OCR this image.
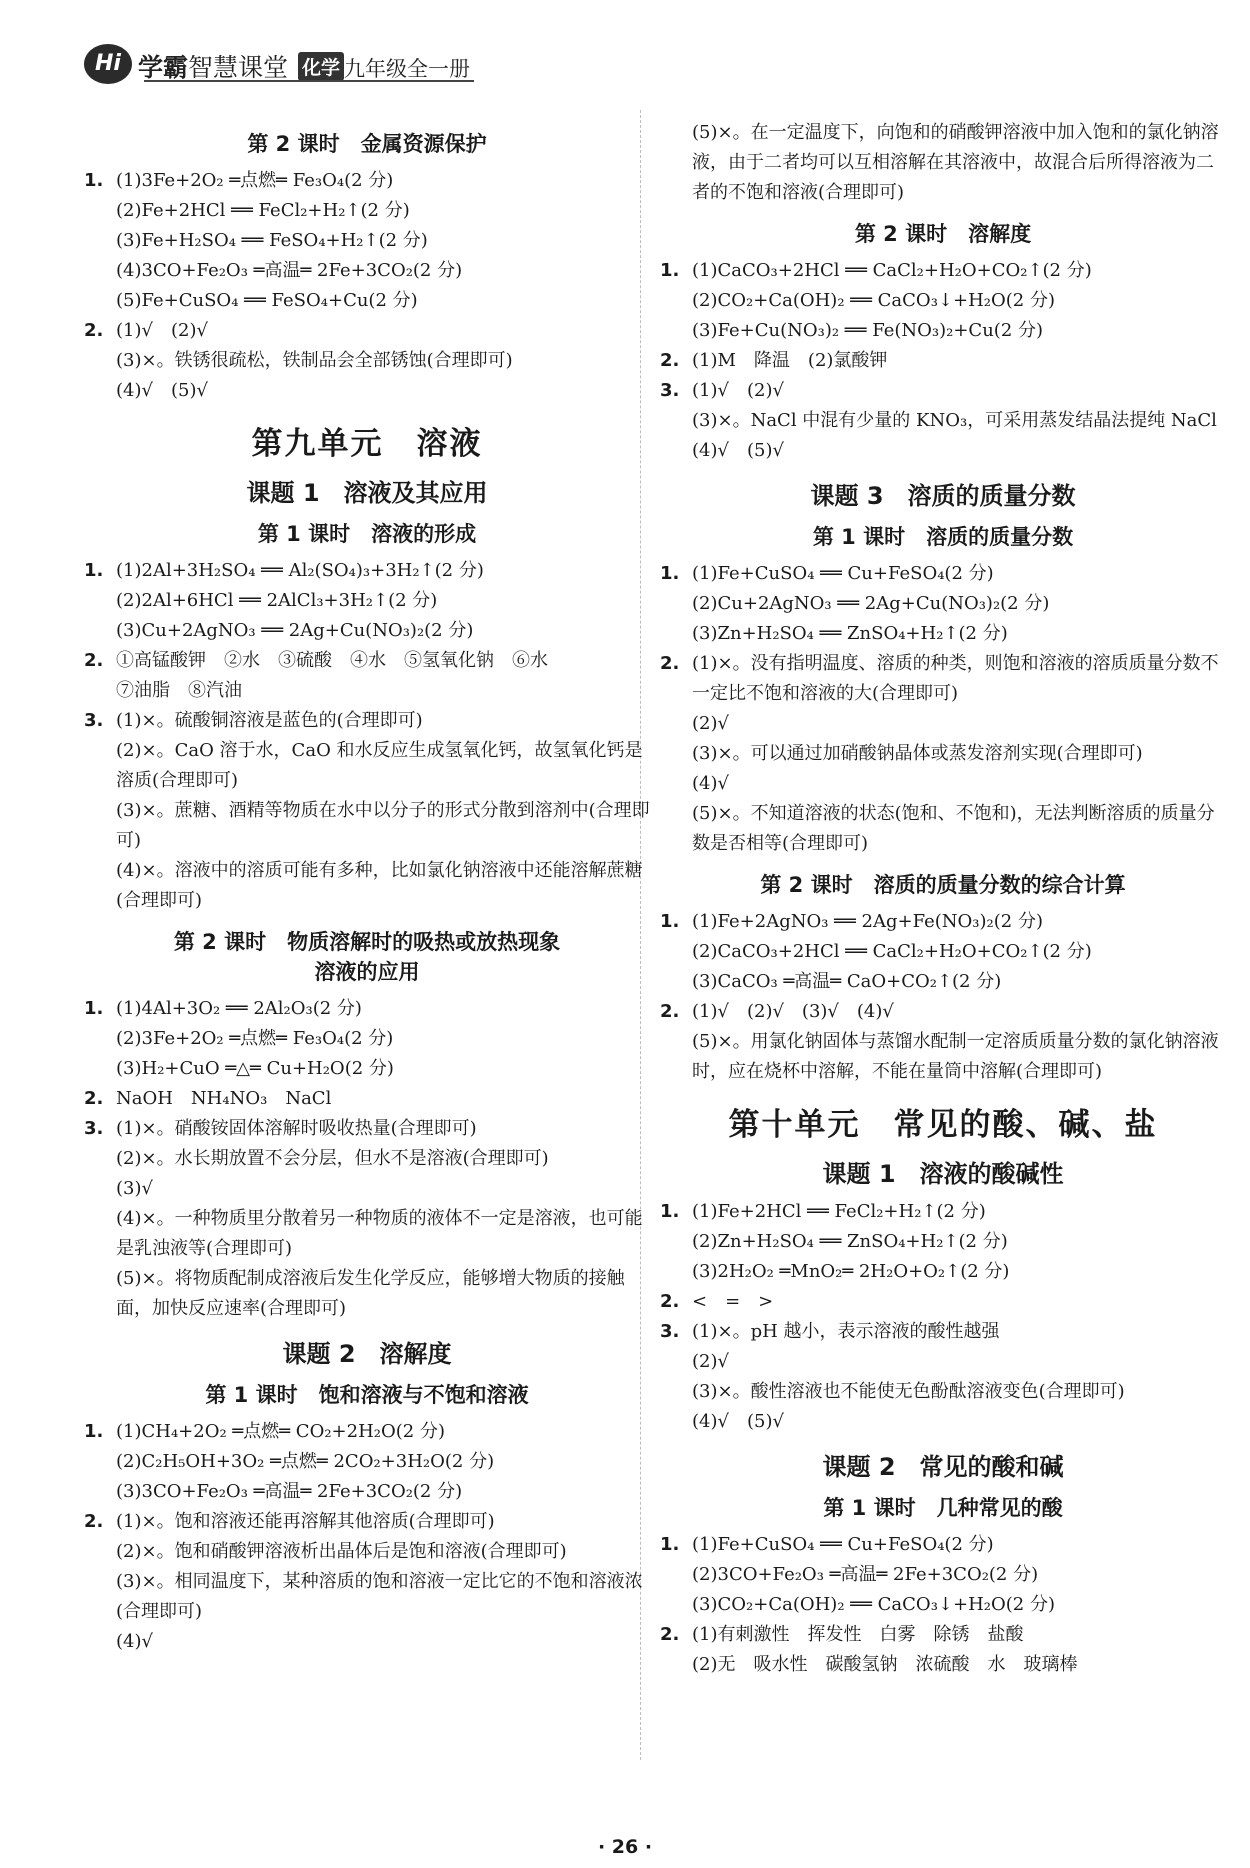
Hi 学霸智慧课堂 化学 九年级全一册
第 2 课时　金属资源保护
1. (1)3Fe+2O₂ ═点燃═ Fe₃O₄(2 分)
(2)Fe+2HCl ══ FeCl₂+H₂↑(2 分)
(3)Fe+H₂SO₄ ══ FeSO₄+H₂↑(2 分)
(4)3CO+Fe₂O₃ ═高温═ 2Fe+3CO₂(2 分)
(5)Fe+CuSO₄ ══ FeSO₄+Cu(2 分)
2. (1)√　(2)√
(3)×。铁锈很疏松，铁制品会全部锈蚀(合理即可)
(4)√　(5)√
第九单元　溶液
课题 1　溶液及其应用
第 1 课时　溶液的形成
1. (1)2Al+3H₂SO₄ ══ Al₂(SO₄)₃+3H₂↑(2 分)
(2)2Al+6HCl ══ 2AlCl₃+3H₂↑(2 分)
(3)Cu+2AgNO₃ ══ 2Ag+Cu(NO₃)₂(2 分)
2. ①高锰酸钾　②水　③硫酸　④水　⑤氢氧化钠　⑥水
⑦油脂　⑧汽油
3. (1)×。硫酸铜溶液是蓝色的(合理即可)
(2)×。CaO 溶于水，CaO 和水反应生成氢氧化钙，故氢氧化钙是溶质(合理即可)
(3)×。蔗糖、酒精等物质在水中以分子的形式分散到溶剂中(合理即可)
(4)×。溶液中的溶质可能有多种，比如氯化钠溶液中还能溶解蔗糖(合理即可)
第 2 课时　物质溶解时的吸热或放热现象
溶液的应用
1. (1)4Al+3O₂ ══ 2Al₂O₃(2 分)
(2)3Fe+2O₂ ═点燃═ Fe₃O₄(2 分)
(3)H₂+CuO ═△═ Cu+H₂O(2 分)
2. NaOH　NH₄NO₃　NaCl
3. (1)×。硝酸铵固体溶解时吸收热量(合理即可)
(2)×。水长期放置不会分层，但水不是溶液(合理即可)
(3)√
(4)×。一种物质里分散着另一种物质的液体不一定是溶液，也可能是乳浊液等(合理即可)
(5)×。将物质配制成溶液后发生化学反应，能够增大物质的接触面，加快反应速率(合理即可)
课题 2　溶解度
第 1 课时　饱和溶液与不饱和溶液
1. (1)CH₄+2O₂ ═点燃═ CO₂+2H₂O(2 分)
(2)C₂H₅OH+3O₂ ═点燃═ 2CO₂+3H₂O(2 分)
(3)3CO+Fe₂O₃ ═高温═ 2Fe+3CO₂(2 分)
2. (1)×。饱和溶液还能再溶解其他溶质(合理即可)
(2)×。饱和硝酸钾溶液析出晶体后是饱和溶液(合理即可)
(3)×。相同温度下，某种溶质的饱和溶液一定比它的不饱和溶液浓(合理即可)
(4)√
(5)×。在一定温度下，向饱和的硝酸钾溶液中加入饱和的氯化钠溶液，由于二者均可以互相溶解在其溶液中，故混合后所得溶液为二者的不饱和溶液(合理即可)
第 2 课时　溶解度
1. (1)CaCO₃+2HCl ══ CaCl₂+H₂O+CO₂↑(2 分)
(2)CO₂+Ca(OH)₂ ══ CaCO₃↓+H₂O(2 分)
(3)Fe+Cu(NO₃)₂ ══ Fe(NO₃)₂+Cu(2 分)
2. (1)M　降温　(2)氯酸钾
3. (1)√　(2)√
(3)×。NaCl 中混有少量的 KNO₃，可采用蒸发结晶法提纯 NaCl
(4)√　(5)√
课题 3　溶质的质量分数
第 1 课时　溶质的质量分数
1. (1)Fe+CuSO₄ ══ Cu+FeSO₄(2 分)
(2)Cu+2AgNO₃ ══ 2Ag+Cu(NO₃)₂(2 分)
(3)Zn+H₂SO₄ ══ ZnSO₄+H₂↑(2 分)
2. (1)×。没有指明温度、溶质的种类，则饱和溶液的溶质质量分数不一定比不饱和溶液的大(合理即可)
(2)√
(3)×。可以通过加硝酸钠晶体或蒸发溶剂实现(合理即可)
(4)√
(5)×。不知道溶液的状态(饱和、不饱和)，无法判断溶质的质量分数是否相等(合理即可)
第 2 课时　溶质的质量分数的综合计算
1. (1)Fe+2AgNO₃ ══ 2Ag+Fe(NO₃)₂(2 分)
(2)CaCO₃+2HCl ══ CaCl₂+H₂O+CO₂↑(2 分)
(3)CaCO₃ ═高温═ CaO+CO₂↑(2 分)
2. (1)√　(2)√　(3)√　(4)√
(5)×。用氯化钠固体与蒸馏水配制一定溶质质量分数的氯化钠溶液时，应在烧杯中溶解，不能在量筒中溶解(合理即可)
第十单元　常见的酸、碱、盐
课题 1　溶液的酸碱性
1. (1)Fe+2HCl ══ FeCl₂+H₂↑(2 分)
(2)Zn+H₂SO₄ ══ ZnSO₄+H₂↑(2 分)
(3)2H₂O₂ ═MnO₂═ 2H₂O+O₂↑(2 分)
2. <　=　>
3. (1)×。pH 越小，表示溶液的酸性越强
(2)√
(3)×。酸性溶液也不能使无色酚酞溶液变色(合理即可)
(4)√　(5)√
课题 2　常见的酸和碱
第 1 课时　几种常见的酸
1. (1)Fe+CuSO₄ ══ Cu+FeSO₄(2 分)
(2)3CO+Fe₂O₃ ═高温═ 2Fe+3CO₂(2 分)
(3)CO₂+Ca(OH)₂ ══ CaCO₃↓+H₂O(2 分)
2. (1)有刺激性　挥发性　白雾　除锈　盐酸
(2)无　吸水性　碳酸氢钠　浓硫酸　水　玻璃棒
· 26 ·
